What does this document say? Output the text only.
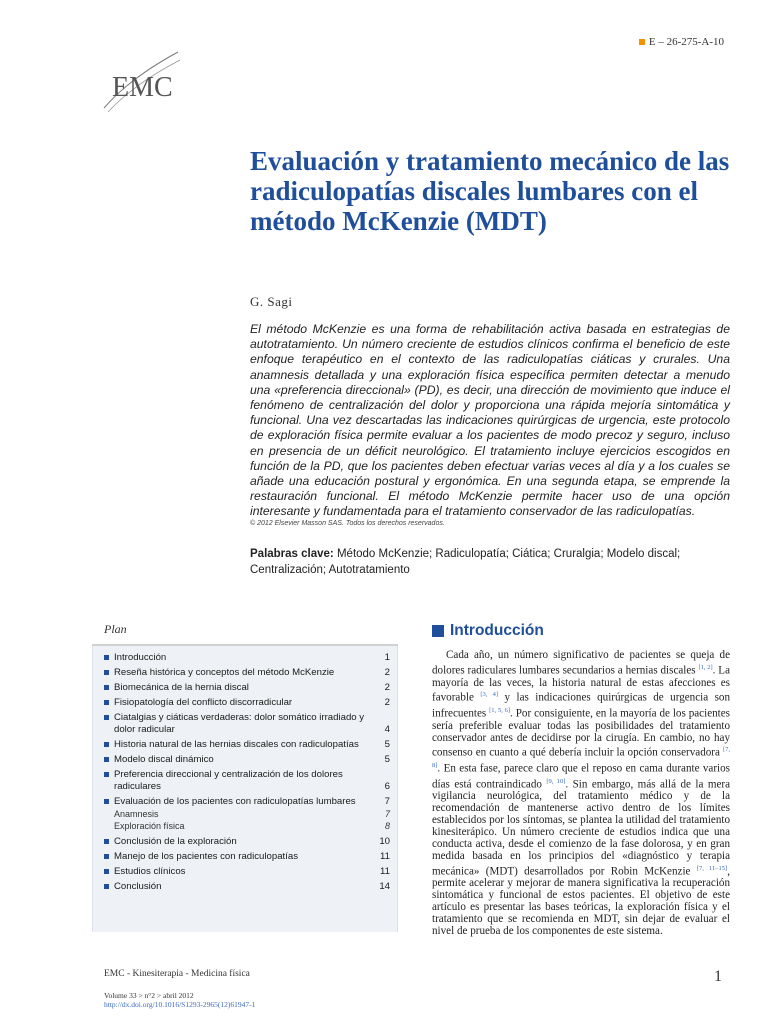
E – 26-275-A-10
EMC
Evaluación y tratamiento mecánico de las radiculopatías discales lumbares con el método McKenzie (MDT)
G. Sagi

El método McKenzie es una forma de rehabilitación activa basada en estrategias de autotratamiento. Un número creciente de estudios clínicos confirma el beneficio de este enfoque terapéutico en el contexto de las radiculopatías ciáticas y crurales. Una anamnesis detallada y una exploración física específica permiten detectar a menudo una «preferencia direccional» (PD), es decir, una dirección de movimiento que induce el fenómeno de centralización del dolor y proporciona una rápida mejoría sintomática y funcional. Una vez descartadas las indicaciones quirúrgicas de urgencia, este protocolo de exploración física permite evaluar a los pacientes de modo precoz y seguro, incluso en presencia de un déficit neurológico. El tratamiento incluye ejercicios escogidos en función de la PD, que los pacientes deben efectuar varias veces al día y a los cuales se añade una educación postural y ergonómica. En una segunda etapa, se emprende la restauración funcional. El método McKenzie permite hacer uso de una opción interesante y fundamentada para el tratamiento conservador de las radiculopatías.

© 2012 Elsevier Masson SAS. Todos los derechos reservados.
Palabras clave: Método McKenzie; Radiculopatía; Ciática; Cruralgia; Modelo discal; Centralización; Autotratamiento
Plan
Introducción	1
Reseña histórica y conceptos del método McKenzie	2
Biomecánica de la hernia discal	2
Fisiopatología del conflicto discorradicular	2
Ciatalgias y ciáticas verdaderas: dolor somático irradiado y dolor radicular	4
Historia natural de las hernias discales con radiculopatías	5
Modelo discal dinámico	5
Preferencia direccional y centralización de los dolores radiculares	6
Evaluación de los pacientes con radiculopatías lumbares	7
Anamnesis	7
Exploración física	8
Conclusión de la exploración	10
Manejo de los pacientes con radiculopatías	11
Estudios clínicos	11
Conclusión	14
Introducción

Cada año, un número significativo de pacientes se queja de dolores radiculares lumbares secundarios a hernias discales [1, 2]. La mayoría de las veces, la historia natural de estas afecciones es favorable [3, 4] y las indicaciones quirúrgicas de urgencia son infrecuentes [1, 5, 6]. Por consiguiente, en la mayoría de los pacientes sería preferible evaluar todas las posibilidades del tratamiento conservador antes de decidirse por la cirugía. En cambio, no hay consenso en cuanto a qué debería incluir la opción conservadora [7, 8]. En esta fase, parece claro que el reposo en cama durante varios días está contraindicado [9, 10]. Sin embargo, más allá de la mera vigilancia neurológica, del tratamiento médico y de la recomendación de mantenerse activo dentro de los límites establecidos por los síntomas, se plantea la utilidad del tratamiento kinesiterápico. Un número creciente de estudios indica que una conducta activa, desde el comienzo de la fase dolorosa, y en gran medida basada en los principios del «diagnóstico y terapia mecánica» (MDT) desarrollados por Robin McKenzie [7, 11–15], permite acelerar y mejorar de manera significativa la recuperación sintomática y funcional de estos pacientes. El objetivo de este artículo es presentar las bases teóricas, la exploración física y el tratamiento que se recomienda en MDT, sin dejar de evaluar el nivel de prueba de los componentes de este sistema.

EMC - Kinesiterapia - Medicina física
Volume 33 > n°2 > abril 2012
http://dx.doi.org/10.1016/S1293-2965(12)61947-1
1
